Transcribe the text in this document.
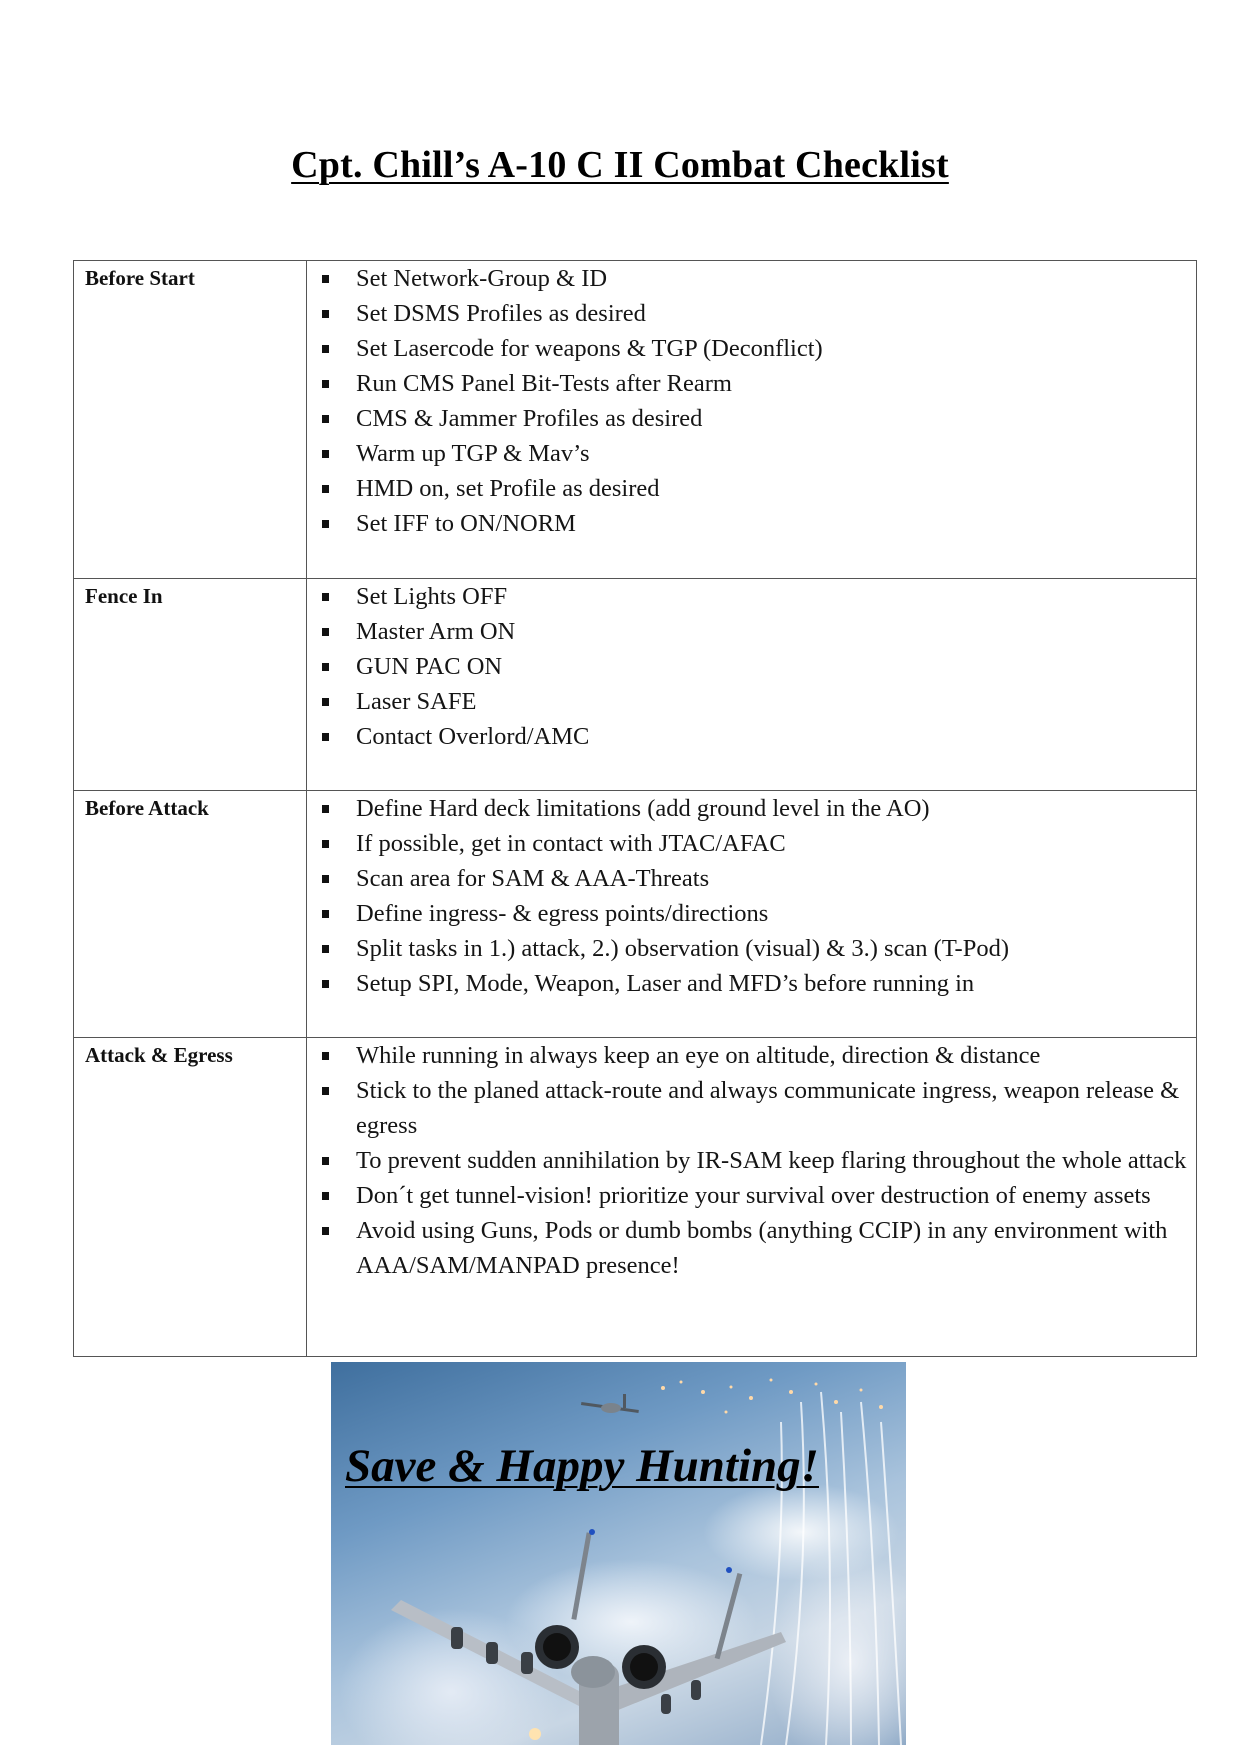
Cpt. Chill’s A-10 C II Combat Checklist
Before Start	Set Network-Group & ID
Set DSMS Profiles as desired
Set Lasercode for weapons & TGP (Deconflict)
Run CMS Panel Bit-Tests after Rearm
CMS & Jammer Profiles as desired
Warm up TGP & Mav’s
HMD on, set Profile as desired
Set IFF to ON/NORM

Fence In	Set Lights OFF
Master Arm ON
GUN PAC ON
Laser SAFE
Contact Overlord/AMC

Before Attack	Define Hard deck limitations (add ground level in the AO)
If possible, get in contact with JTAC/AFAC
Scan area for SAM & AAA-Threats
Define ingress- & egress points/directions
Split tasks in 1.) attack, 2.) observation (visual) & 3.) scan (T-Pod)
Setup SPI, Mode, Weapon, Laser and MFD’s before running in

Attack & Egress	While running in always keep an eye on altitude, direction & distance
Stick to the planed attack-route and always communicate ingress, weapon release & egress
To prevent sudden annihilation by IR-SAM keep flaring throughout the whole attack
Don´t get tunnel-vision! prioritize your survival over destruction of enemy assets
Avoid using Guns, Pods or dumb bombs (anything CCIP) in any environment with AAA/SAM/MANPAD presence!
Save & Happy Hunting!
